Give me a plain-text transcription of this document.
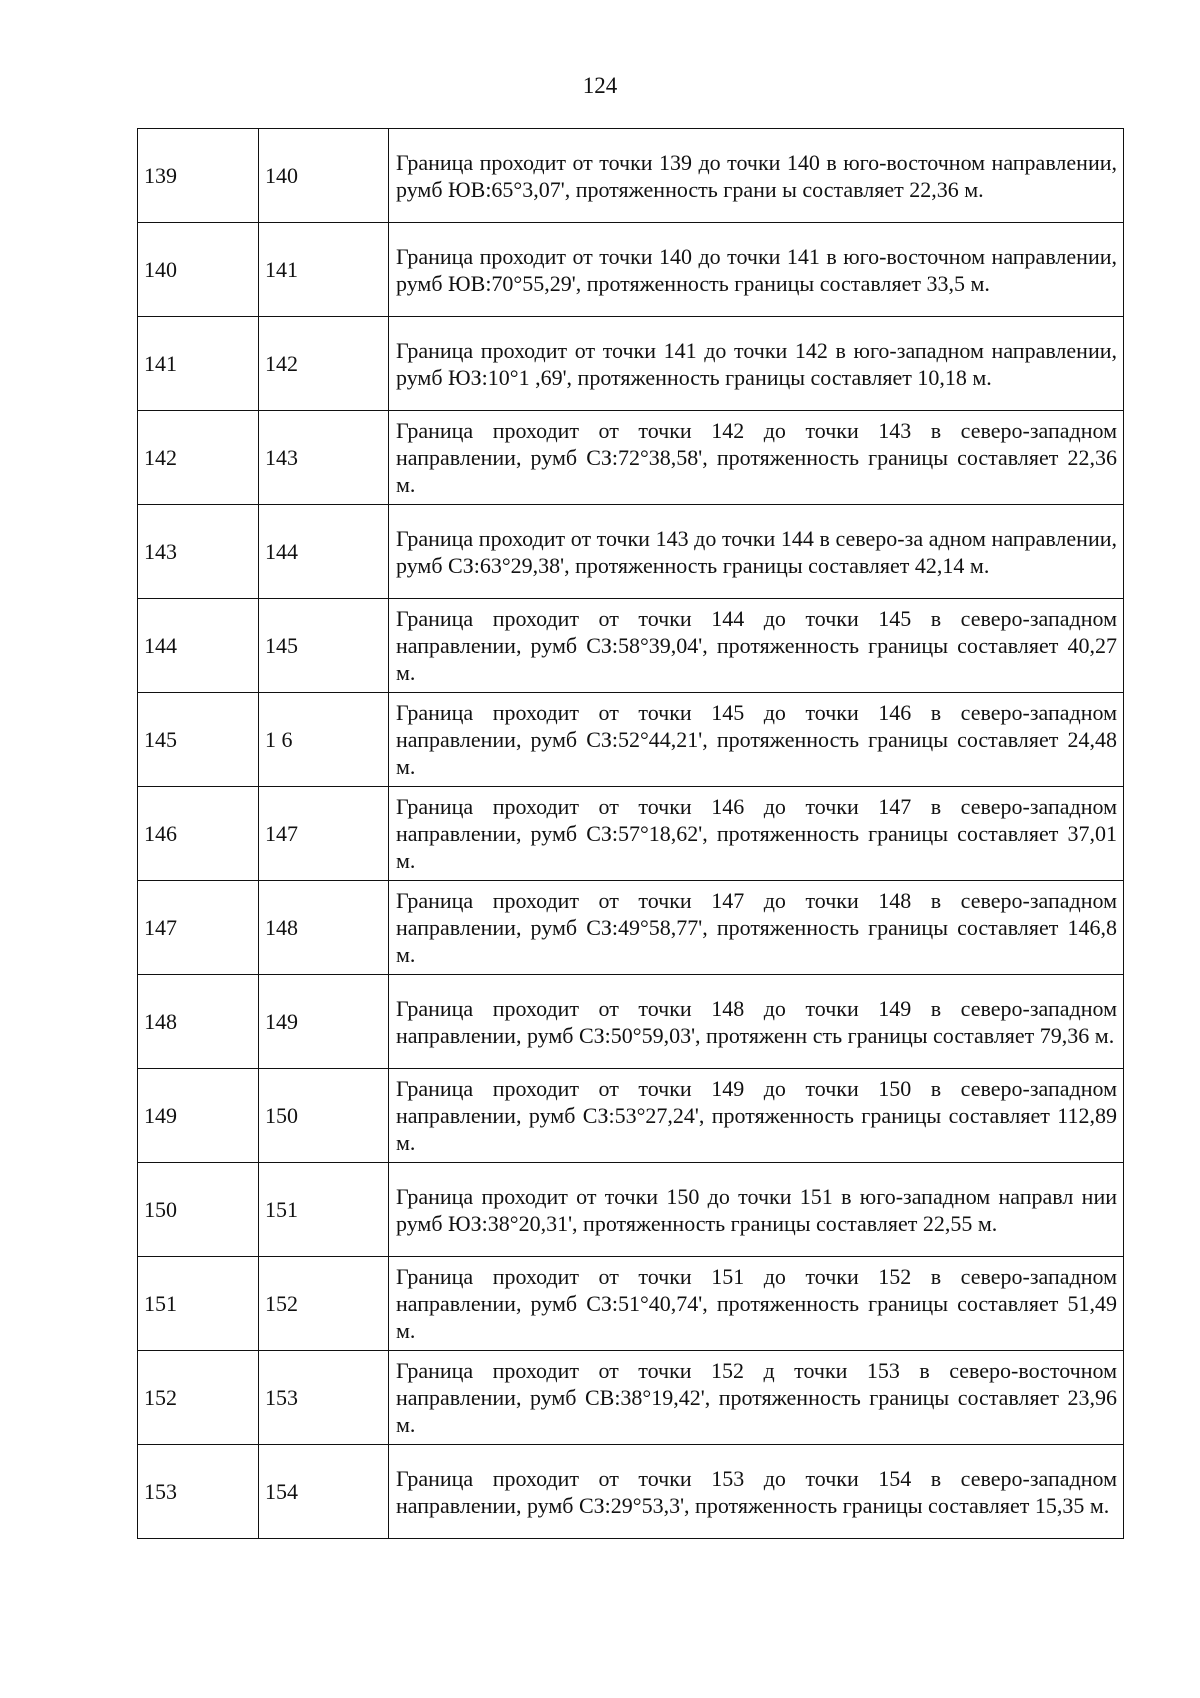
124
139	140	Граница проходит от точки 139 до точки 140 в юго-восточном направлении, румб ЮВ:65°3,07', протяженность грани ы составляет 22,36 м.
140	141	Граница проходит от точки 140 до точки 141 в юго-восточном направлении, румб ЮВ:70°55,29', протяженность границы составляет 33,5 м.
141	142	Граница проходит от точки 141 до точки 142 в юго-западном направлении, румб ЮЗ:10°1 ,69', протяженность границы составляет 10,18 м.
142	143	Граница проходит от точки 142 до точки 143 в северо-западном направлении, румб СЗ:72°38,58', протяженность границы составляет 22,36 м.
143	144	Граница проходит от точки 143 до точки 144 в северо-за адном направлении, румб СЗ:63°29,38', протяженность границы составляет 42,14 м.
144	145	Граница проходит от точки 144 до точки 145 в северо-западном направлении, румб СЗ:58°39,04', протяженность границы составляет 40,27 м.
145	1 6	Граница проходит от точки 145 до точки 146 в северо-западном направлении, румб СЗ:52°44,21', протяженность границы составляет 24,48 м.
146	147	Граница проходит от точки 146 до точки 147 в северо-западном направлении, румб СЗ:57°18,62', протяженность границы составляет 37,01 м.
147	148	Граница проходит от точки 147 до точки 148 в северо-западном направлении, румб СЗ:49°58,77', протяженность границы составляет 146,8 м.
148	149	Граница проходит от точки 148 до точки 149 в северо-западном направлении, румб СЗ:50°59,03', протяженн сть границы составляет 79,36 м.
149	150	Граница проходит от точки 149 до точки 150 в северо-западном направлении, румб СЗ:53°27,24', протяженность границы составляет 112,89 м.
150	151	Граница проходит от точки 150 до точки 151 в юго-западном направл нии румб ЮЗ:38°20,31', протяженность границы составляет 22,55 м.
151	152	Граница проходит от точки 151 до точки 152 в северо-западном направлении, румб СЗ:51°40,74', протяженность границы составляет 51,49 м.
152	153	Граница проходит от точки 152 д точки 153 в северо-восточном направлении, румб СВ:38°19,42', протяженность границы составляет 23,96 м.
153	154	Граница проходит от точки 153 до точки 154 в северо-западном направлении, румб СЗ:29°53,3', протяженность границы составляет 15,35 м.
